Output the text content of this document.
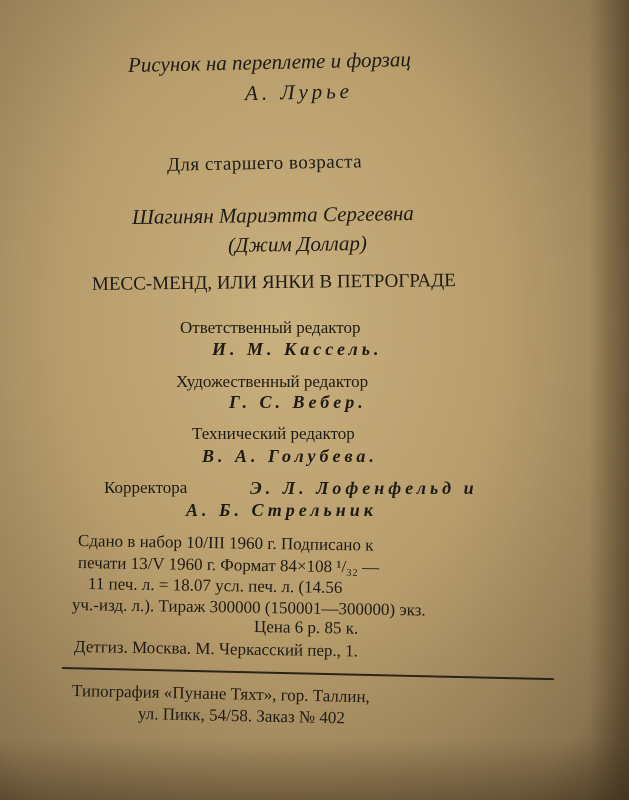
Рисунок на переплете и форзац
А. Лурье
Для старшего возраста
Шагинян Мариэтта Сергеевна
(Джим Доллар)
МЕСС-МЕНД, ИЛИ ЯНКИ В ПЕТРОГРАДЕ
Ответственный редактор
И. М. Кассель.
Художественный редактор
Г. С. Вебер.
Технический редактор
В. А. Голубева.
Корректора	Э. Л. Лофенфельд и
А. Б. Стрельник
Сдано в набор 10/III 1960 г. Подписано к
печати 13/V 1960 г. Формат 84×108 ¹/₃₂ —
11 печ. л. = 18.07 усл. печ. л. (14.56
уч.-изд. л.). Тираж 300000 (150001—300000) экз.
Цена 6 р. 85 к.
Детгиз. Москва. М. Черкасский пер., 1.
Типография «Пунане Тяхт», гор. Таллин,
ул. Пикк, 54/58. Заказ № 402
